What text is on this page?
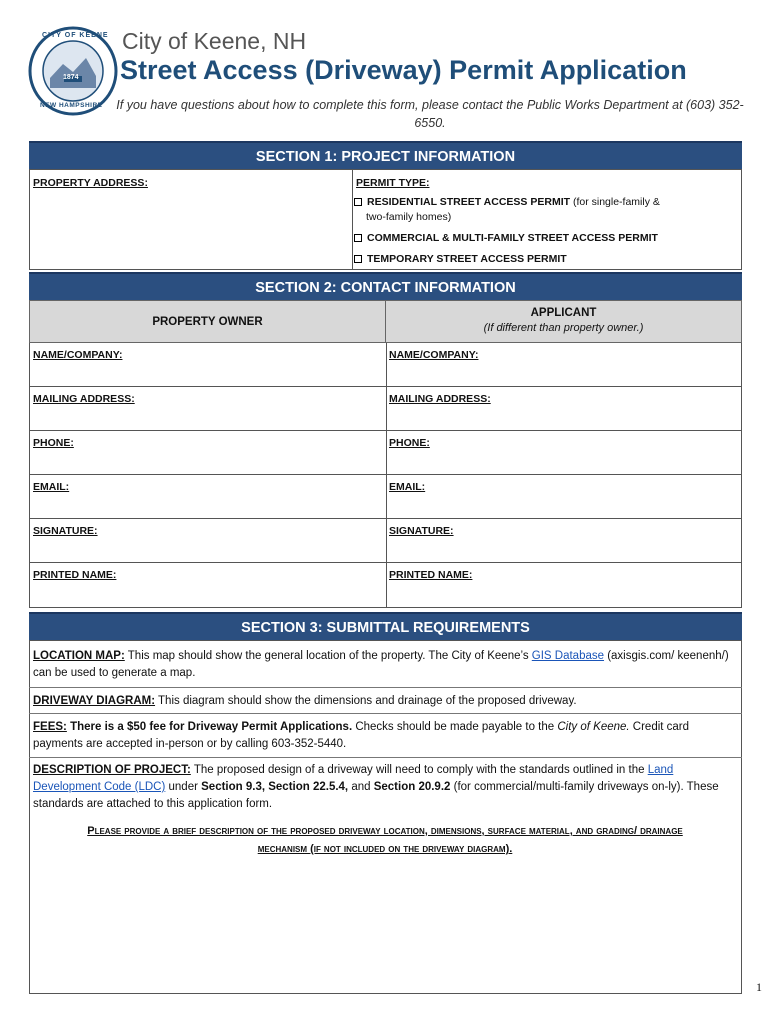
CITY OF KEENE
1874
NEW HAMPSHIRE
City of Keene, NH
Street Access (Driveway) Permit Application
If you have questions about how to complete this form, please contact the Public Works Department at (603) 352-6550.
SECTION 1: PROJECT INFORMATION
PROPERTY ADDRESS:	PERMIT TYPE:
RESIDENTIAL STREET ACCESS PERMIT (for single-family &
two-family homes)
COMMERCIAL & MULTI-FAMILY STREET ACCESS PERMIT
TEMPORARY STREET ACCESS PERMIT
SECTION 2: CONTACT INFORMATION
PROPERTY OWNER
APPLICANT
(If different than property owner.)
NAME/COMPANY:	NAME/COMPANY:
MAILING ADDRESS:	MAILING ADDRESS:
PHONE:	PHONE:
EMAIL:	EMAIL:
SIGNATURE:	SIGNATURE:
PRINTED NAME:	PRINTED NAME:
SECTION 3: SUBMITTAL REQUIREMENTS
LOCATION MAP: This map should show the general location of the property. The City of Keene’s GIS Database (axisgis.com/ keenenh/) can be used to generate a map.
DRIVEWAY DIAGRAM: This diagram should show the dimensions and drainage of the proposed driveway.
FEES: There is a $50 fee for Driveway Permit Applications. Checks should be made payable to the City of Keene. Credit card payments are accepted in-person or by calling 603-352-5440.
DESCRIPTION OF PROJECT: The proposed design of a driveway will need to comply with the standards outlined in the Land Development Code (LDC) under Section 9.3, Section 22.5.4, and Section 20.9.2 (for commercial/multi-family driveways on-ly). These standards are attached to this application form.
Please provide a brief description of the proposed driveway location, dimensions, surface material, and grading/ drainage mechanism (if not included on the driveway diagram).
1
